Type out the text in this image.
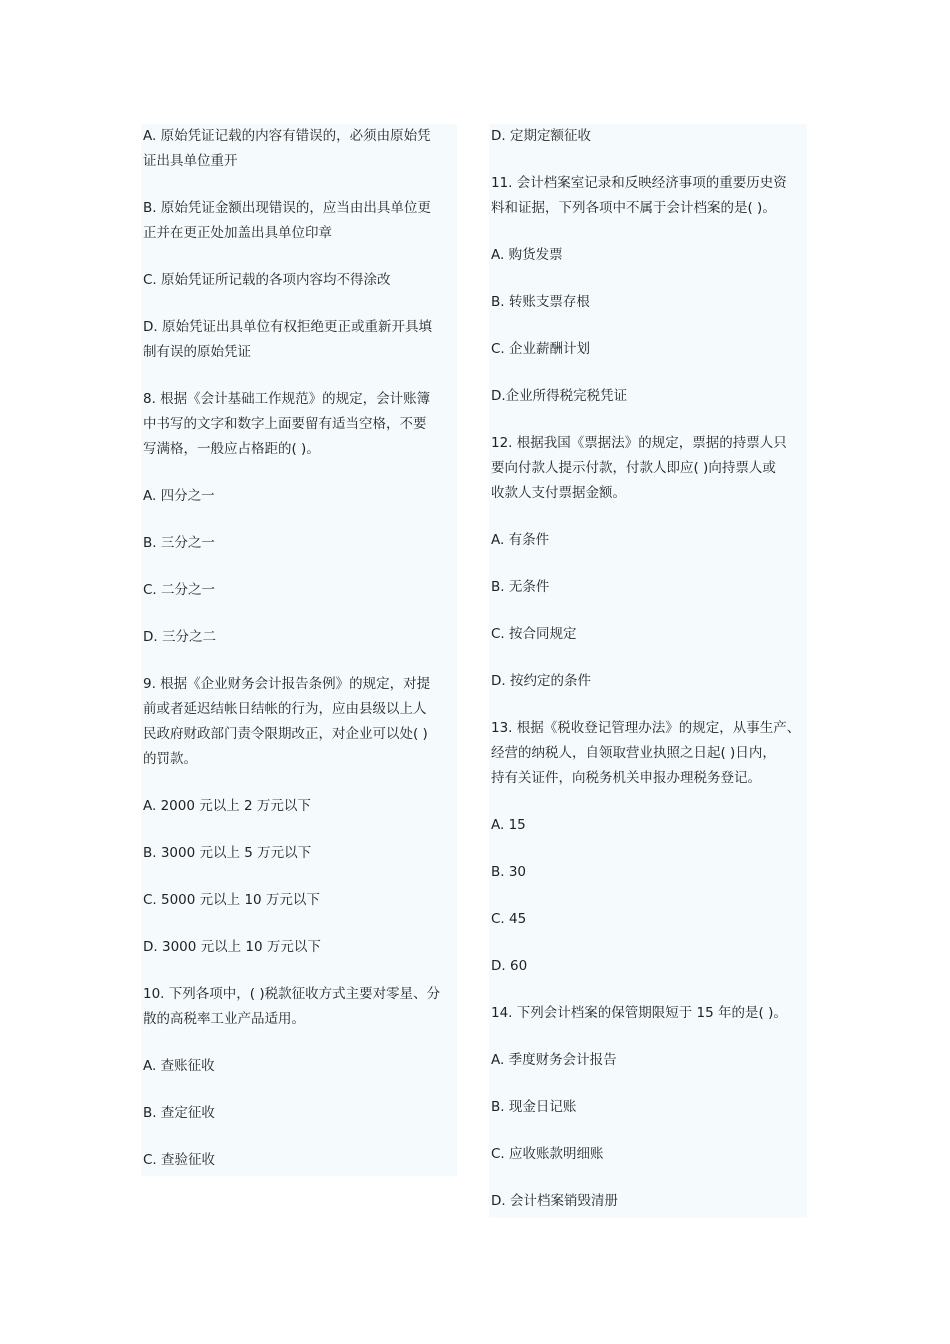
A. 原始凭证记载的内容有错误的，必须由原始凭
证出具单位重开

B. 原始凭证金额出现错误的，应当由出具单位更
正并在更正处加盖出具单位印章

C. 原始凭证所记载的各项内容均不得涂改

D. 原始凭证出具单位有权拒绝更正或重新开具填
制有误的原始凭证

8. 根据《会计基础工作规范》的规定，会计账簿
中书写的文字和数字上面要留有适当空格，不要
写满格，一般应占格距的( )。

A. 四分之一

B. 三分之一

C. 二分之一

D. 三分之二

9. 根据《企业财务会计报告条例》的规定，对提
前或者延迟结帐日结帐的行为，应由县级以上人
民政府财政部门责令限期改正，对企业可以处( )
的罚款。

A. 2000 元以上 2 万元以下

B. 3000 元以上 5 万元以下

C. 5000 元以上 10 万元以下

D. 3000 元以上 10 万元以下

10. 下列各项中，( )税款征收方式主要对零星、分
散的高税率工业产品适用。

A. 查账征收

B. 查定征收

C. 查验征收

D. 定期定额征收

11. 会计档案室记录和反映经济事项的重要历史资
料和证据，下列各项中不属于会计档案的是( )。

A. 购货发票

B. 转账支票存根

C. 企业薪酬计划

D.企业所得税完税凭证

12. 根据我国《票据法》的规定，票据的持票人只
要向付款人提示付款，付款人即应( )向持票人或
收款人支付票据金额。

A. 有条件

B. 无条件

C. 按合同规定

D. 按约定的条件

13. 根据《税收登记管理办法》的规定，从事生产、
经营的纳税人，自领取营业执照之日起( )日内，
持有关证件，向税务机关申报办理税务登记。

A. 15

B. 30

C. 45

D. 60

14. 下列会计档案的保管期限短于 15 年的是( )。

A. 季度财务会计报告

B. 现金日记账

C. 应收账款明细账

D. 会计档案销毁清册
